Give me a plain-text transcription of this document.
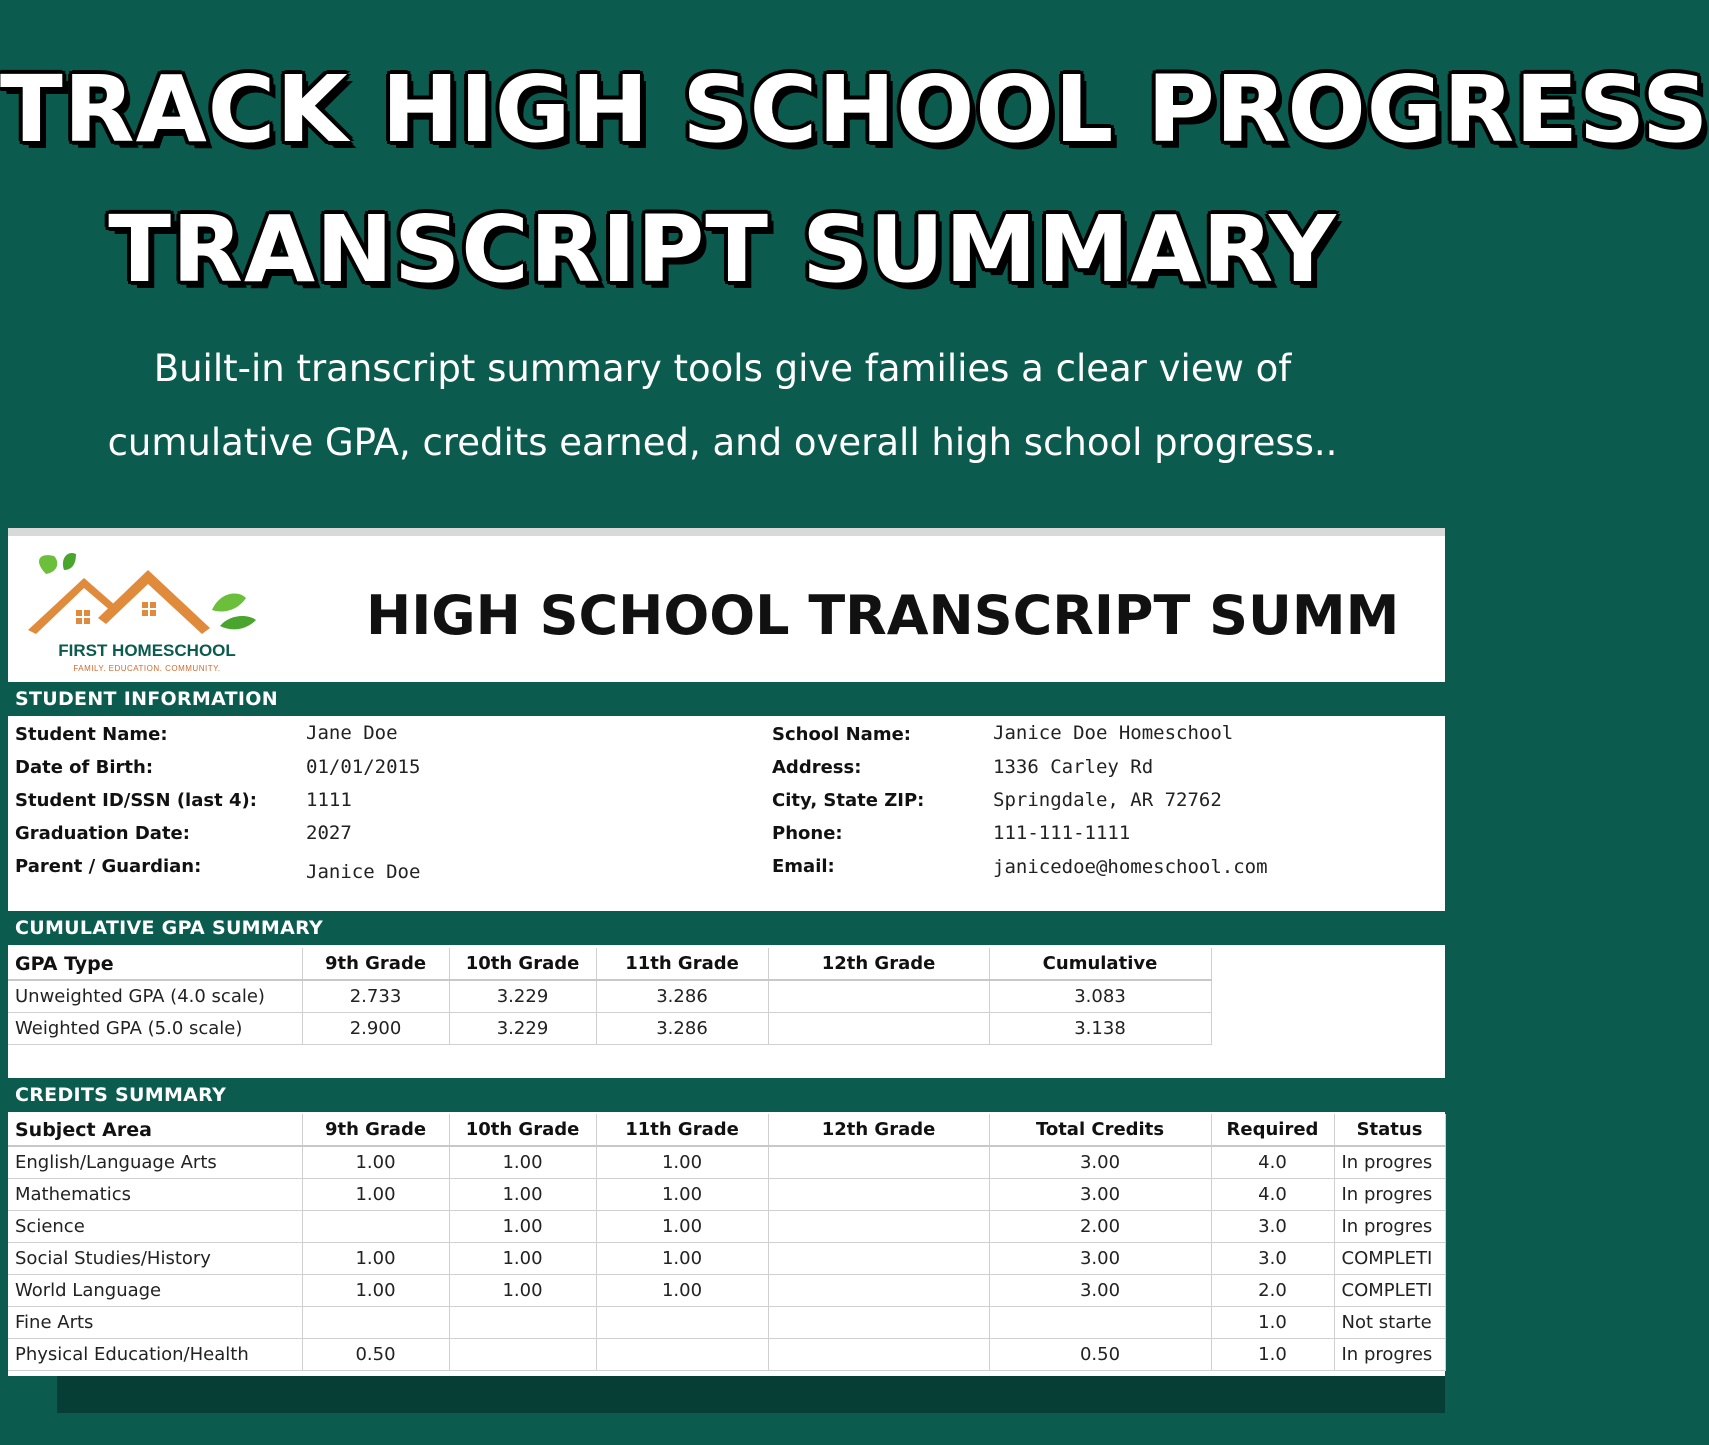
TRACK HIGH SCHOOL PROGRESS
TRANSCRIPT SUMMARY
Built-in transcript summary tools give families a clear view of
cumulative GPA, credits earned, and overall high school progress..
FIRST HOMESCHOOL
FAMILY. EDUCATION. COMMUNITY.
HIGH SCHOOL TRANSCRIPT SUMM
STUDENT INFORMATION
Student Name:	Jane Doe
Date of Birth:	01/01/2015
Student ID/SSN (last 4):	1111
Graduation Date:	2027
Parent / Guardian:	Janice Doe
School Name:	Janice Doe Homeschool
Address:	1336 Carley Rd
City, State ZIP:	Springdale, AR 72762
Phone:	111-111-1111
Email:	janicedoe@homeschool.com
CUMULATIVE GPA SUMMARY
GPA Type	9th Grade	10th Grade	11th Grade	12th Grade	Cumulative
Unweighted GPA (4.0 scale)	2.733	3.229	3.286		3.083
Weighted GPA (5.0 scale)	2.900	3.229	3.286		3.138
CREDITS SUMMARY
Subject Area	9th Grade	10th Grade	11th Grade	12th Grade	Total Credits	Required	Status
English/Language Arts	1.00	1.00	1.00		3.00	4.0	In progres
Mathematics	1.00	1.00	1.00		3.00	4.0	In progres
Science		1.00	1.00		2.00	3.0	In progres
Social Studies/History	1.00	1.00	1.00		3.00	3.0	COMPLETI
World Language	1.00	1.00	1.00		3.00	2.0	COMPLETI
Fine Arts						1.0	Not starte
Physical Education/Health	0.50				0.50	1.0	In progres
